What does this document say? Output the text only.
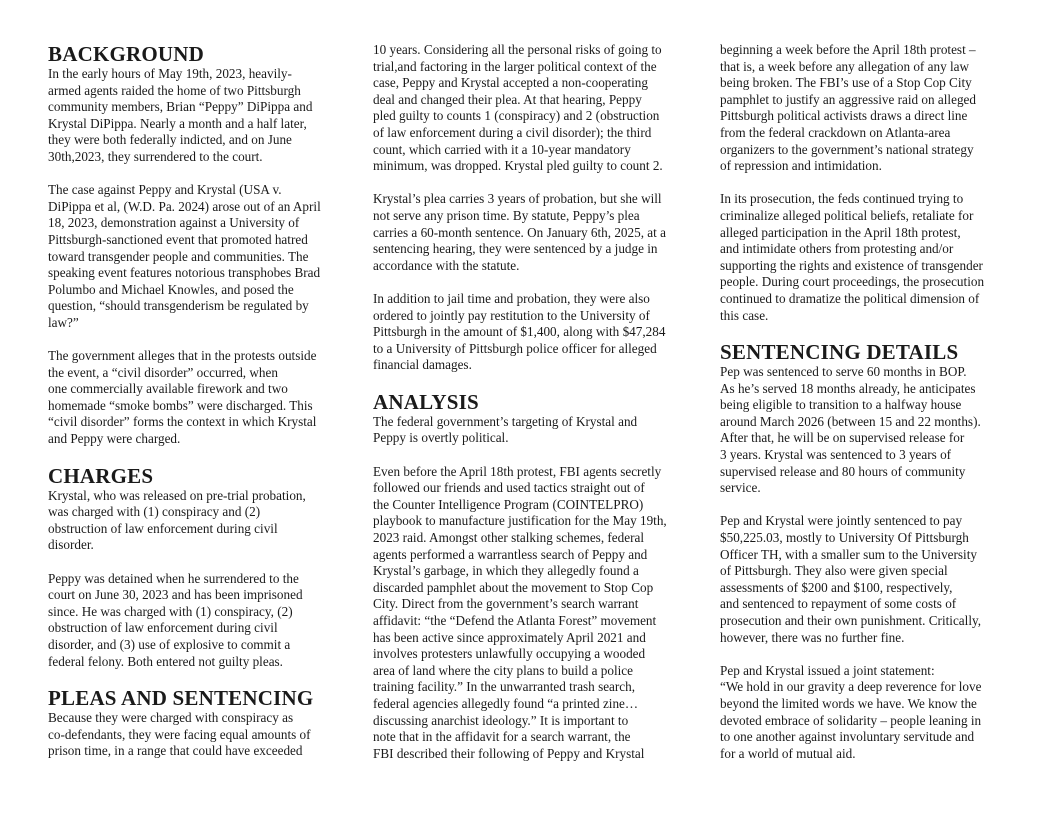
BACKGROUND
In the early hours of May 19th, 2023, heavily-
armed agents raided the home of two Pittsburgh
community members, Brian “Peppy” DiPippa and
Krystal DiPippa. Nearly a month and a half later,
they were both federally indicted, and on June
30th,2023, they surrendered to the court.
The case against Peppy and Krystal (USA v.
DiPippa et al, (W.D. Pa. 2024) arose out of an April
18, 2023, demonstration against a University of
Pittsburgh-sanctioned event that promoted hatred
toward transgender people and communities. The
speaking event features notorious transphobes Brad
Polumbo and Michael Knowles, and posed the
question, “should transgenderism be regulated by
law?”
The government alleges that in the protests outside
the event, a “civil disorder” occurred, when
one commercially available firework and two
homemade “smoke bombs” were discharged. This
“civil disorder” forms the context in which Krystal
and Peppy were charged.
CHARGES
Krystal, who was released on pre-trial probation,
was charged with (1) conspiracy and (2)
obstruction of law enforcement during civil
disorder.
Peppy was detained when he surrendered to the
court on June 30, 2023 and has been imprisoned
since. He was charged with (1) conspiracy, (2)
obstruction of law enforcement during civil
disorder, and (3) use of explosive to commit a
federal felony. Both entered not guilty pleas.
PLEAS AND SENTENCING
Because they were charged with conspiracy as
co-defendants, they were facing equal amounts of
prison time, in a range that could have exceeded
10 years. Considering all the personal risks of going to
trial,and factoring in the larger political context of the
case, Peppy and Krystal accepted a non-cooperating
deal and changed their plea. At that hearing, Peppy
pled guilty to counts 1 (conspiracy) and 2 (obstruction
of law enforcement during a civil disorder); the third
count, which carried with it a 10-year mandatory
minimum, was dropped. Krystal pled guilty to count 2.
Krystal’s plea carries 3 years of probation, but she will
not serve any prison time. By statute, Peppy’s plea
carries a 60-month sentence. On January 6th, 2025, at a
sentencing hearing, they were sentenced by a judge in
accordance with the statute.
In addition to jail time and probation, they were also
ordered to jointly pay restitution to the University of
Pittsburgh in the amount of $1,400, along with $47,284
to a University of Pittsburgh police officer for alleged
financial damages.
ANALYSIS
The federal government’s targeting of Krystal and
Peppy is overtly political.
Even before the April 18th protest, FBI agents secretly
followed our friends and used tactics straight out of
the Counter Intelligence Program (COINTELPRO)
playbook to manufacture justification for the May 19th,
2023 raid. Amongst other stalking schemes, federal
agents performed a warrantless search of Peppy and
Krystal’s garbage, in which they allegedly found a
discarded pamphlet about the movement to Stop Cop
City. Direct from the government’s search warrant
affidavit: “the “Defend the Atlanta Forest” movement
has been active since approximately April 2021 and
involves protesters unlawfully occupying a wooded
area of land where the city plans to build a police
training facility.” In the unwarranted trash search,
federal agencies allegedly found “a printed zine…
discussing anarchist ideology.” It is important to
note that in the affidavit for a search warrant, the
FBI described their following of Peppy and Krystal
beginning a week before the April 18th protest –
that is, a week before any allegation of any law
being broken. The FBI’s use of a Stop Cop City
pamphlet to justify an aggressive raid on alleged
Pittsburgh political activists draws a direct line
from the federal crackdown on Atlanta-area
organizers to the government’s national strategy
of repression and intimidation.
In its prosecution, the feds continued trying to
criminalize alleged political beliefs, retaliate for
alleged participation in the April 18th protest,
and intimidate others from protesting and/or
supporting the rights and existence of transgender
people. During court proceedings, the prosecution
continued to dramatize the political dimension of
this case.
SENTENCING DETAILS
Pep was sentenced to serve 60 months in BOP.
As he’s served 18 months already, he anticipates
being eligible to transition to a halfway house
around March 2026 (between 15 and 22 months).
After that, he will be on supervised release for
3 years. Krystal was sentenced to 3 years of
supervised release and 80 hours of community
service.
Pep and Krystal were jointly sentenced to pay
$50,225.03, mostly to University Of Pittsburgh
Officer TH, with a smaller sum to the University
of Pittsburgh. They also were given special
assessments of $200 and $100, respectively,
and sentenced to repayment of some costs of
prosecution and their own punishment. Critically,
however, there was no further fine.
Pep and Krystal issued a joint statement:
“We hold in our gravity a deep reverence for love
beyond the limited words we have. We know the
devoted embrace of solidarity – people leaning in
to one another against involuntary servitude and
for a world of mutual aid.
